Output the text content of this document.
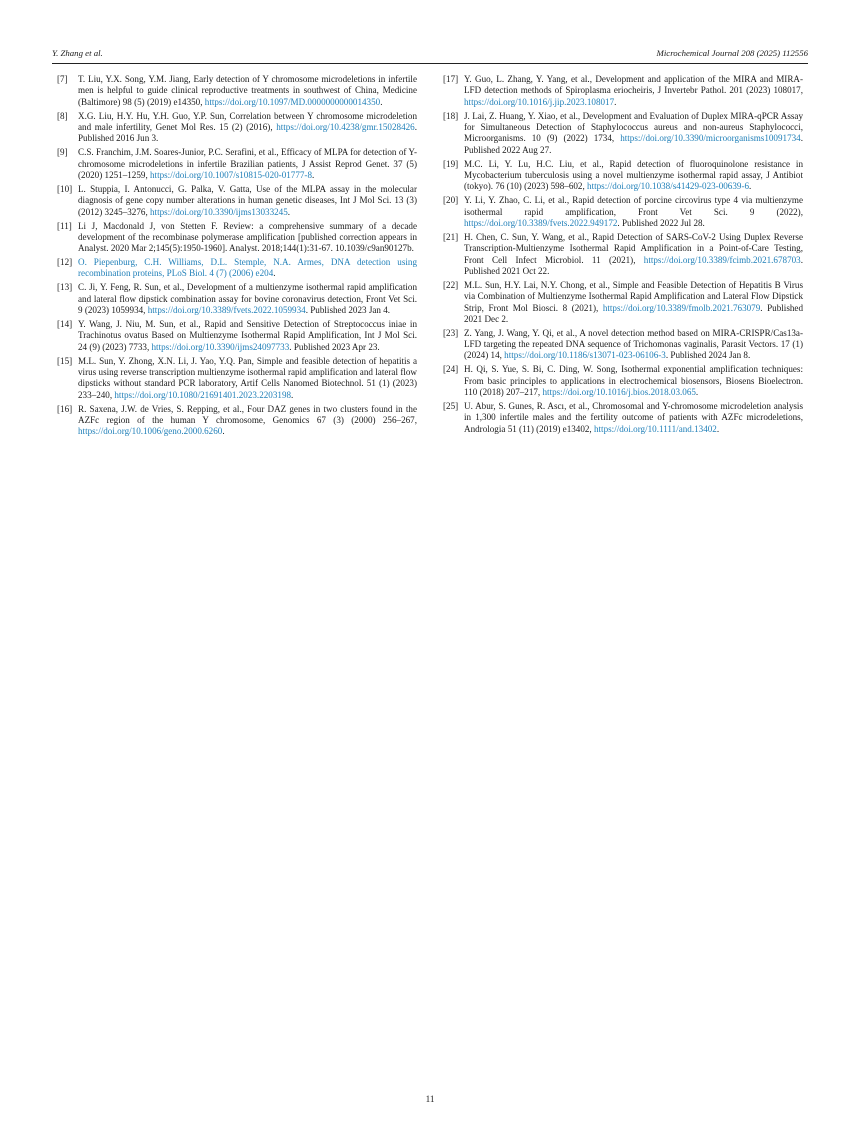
Y. Zhang et al.	Microchemical Journal 208 (2025) 112556
[7] T. Liu, Y.X. Song, Y.M. Jiang, Early detection of Y chromosome microdeletions in infertile men is helpful to guide clinical reproductive treatments in southwest of China, Medicine (Baltimore) 98 (5) (2019) e14350, https://doi.org/10.1097/MD.0000000000014350.
[8] X.G. Liu, H.Y. Hu, Y.H. Guo, Y.P. Sun, Correlation between Y chromosome microdeletion and male infertility, Genet Mol Res. 15 (2) (2016), https://doi.org/10.4238/gmr.15028426. Published 2016 Jun 3.
[9] C.S. Franchim, J.M. Soares-Junior, P.C. Serafini, et al., Efficacy of MLPA for detection of Y-chromosome microdeletions in infertile Brazilian patients, J Assist Reprod Genet. 37 (5) (2020) 1251–1259, https://doi.org/10.1007/s10815-020-01777-8.
[10] L. Stuppia, I. Antonucci, G. Palka, V. Gatta, Use of the MLPA assay in the molecular diagnosis of gene copy number alterations in human genetic diseases, Int J Mol Sci. 13 (3) (2012) 3245–3276, https://doi.org/10.3390/ijms13033245.
[11] Li J, Macdonald J, von Stetten F. Review: a comprehensive summary of a decade development of the recombinase polymerase amplification [published correction appears in Analyst. 2020 Mar 2;145(5):1950-1960]. Analyst. 2018;144(1):31-67. 10.1039/c9an90127b.
[12] O. Piepenburg, C.H. Williams, D.L. Stemple, N.A. Armes, DNA detection using recombination proteins, PLoS Biol. 4 (7) (2006) e204.
[13] C. Ji, Y. Feng, R. Sun, et al., Development of a multienzyme isothermal rapid amplification and lateral flow dipstick combination assay for bovine coronavirus detection, Front Vet Sci. 9 (2023) 1059934, https://doi.org/10.3389/fvets.2022.1059934. Published 2023 Jan 4.
[14] Y. Wang, J. Niu, M. Sun, et al., Rapid and Sensitive Detection of Streptococcus iniae in Trachinotus ovatus Based on Multienzyme Isothermal Rapid Amplification, Int J Mol Sci. 24 (9) (2023) 7733, https://doi.org/10.3390/ijms24097733. Published 2023 Apr 23.
[15] M.L. Sun, Y. Zhong, X.N. Li, J. Yao, Y.Q. Pan, Simple and feasible detection of hepatitis a virus using reverse transcription multienzyme isothermal rapid amplification and lateral flow dipsticks without standard PCR laboratory, Artif Cells Nanomed Biotechnol. 51 (1) (2023) 233–240, https://doi.org/10.1080/21691401.2023.2203198.
[16] R. Saxena, J.W. de Vries, S. Repping, et al., Four DAZ genes in two clusters found in the AZFc region of the human Y chromosome, Genomics 67 (3) (2000) 256–267, https://doi.org/10.1006/geno.2000.6260.
[17] Y. Guo, L. Zhang, Y. Yang, et al., Development and application of the MIRA and MIRA-LFD detection methods of Spiroplasma eriocheiris, J Invertebr Pathol. 201 (2023) 108017, https://doi.org/10.1016/j.jip.2023.108017.
[18] J. Lai, Z. Huang, Y. Xiao, et al., Development and Evaluation of Duplex MIRA-qPCR Assay for Simultaneous Detection of Staphylococcus aureus and non-aureus Staphylococci, Microorganisms. 10 (9) (2022) 1734, https://doi.org/10.3390/microorganisms10091734. Published 2022 Aug 27.
[19] M.C. Li, Y. Lu, H.C. Liu, et al., Rapid detection of fluoroquinolone resistance in Mycobacterium tuberculosis using a novel multienzyme isothermal rapid assay, J Antibiot (tokyo). 76 (10) (2023) 598–602, https://doi.org/10.1038/s41429-023-00639-6.
[20] Y. Li, Y. Zhao, C. Li, et al., Rapid detection of porcine circovirus type 4 via multienzyme isothermal rapid amplification, Front Vet Sci. 9 (2022), https://doi.org/10.3389/fvets.2022.949172. Published 2022 Jul 28.
[21] H. Chen, C. Sun, Y. Wang, et al., Rapid Detection of SARS-CoV-2 Using Duplex Reverse Transcription-Multienzyme Isothermal Rapid Amplification in a Point-of-Care Testing, Front Cell Infect Microbiol. 11 (2021), https://doi.org/10.3389/fcimb.2021.678703. Published 2021 Oct 22.
[22] M.L. Sun, H.Y. Lai, N.Y. Chong, et al., Simple and Feasible Detection of Hepatitis B Virus via Combination of Multienzyme Isothermal Rapid Amplification and Lateral Flow Dipstick Strip, Front Mol Biosci. 8 (2021), https://doi.org/10.3389/fmolb.2021.763079. Published 2021 Dec 2.
[23] Z. Yang, J. Wang, Y. Qi, et al., A novel detection method based on MIRA-CRISPR/Cas13a-LFD targeting the repeated DNA sequence of Trichomonas vaginalis, Parasit Vectors. 17 (1) (2024) 14, https://doi.org/10.1186/s13071-023-06106-3. Published 2024 Jan 8.
[24] H. Qi, S. Yue, S. Bi, C. Ding, W. Song, Isothermal exponential amplification techniques: From basic principles to applications in electrochemical biosensors, Biosens Bioelectron. 110 (2018) 207–217, https://doi.org/10.1016/j.bios.2018.03.065.
[25] U. Abur, S. Gunes, R. Ascı, et al., Chromosomal and Y-chromosome microdeletion analysis in 1,300 infertile males and the fertility outcome of patients with AZFc microdeletions, Andrologia 51 (11) (2019) e13402, https://doi.org/10.1111/and.13402.
11
